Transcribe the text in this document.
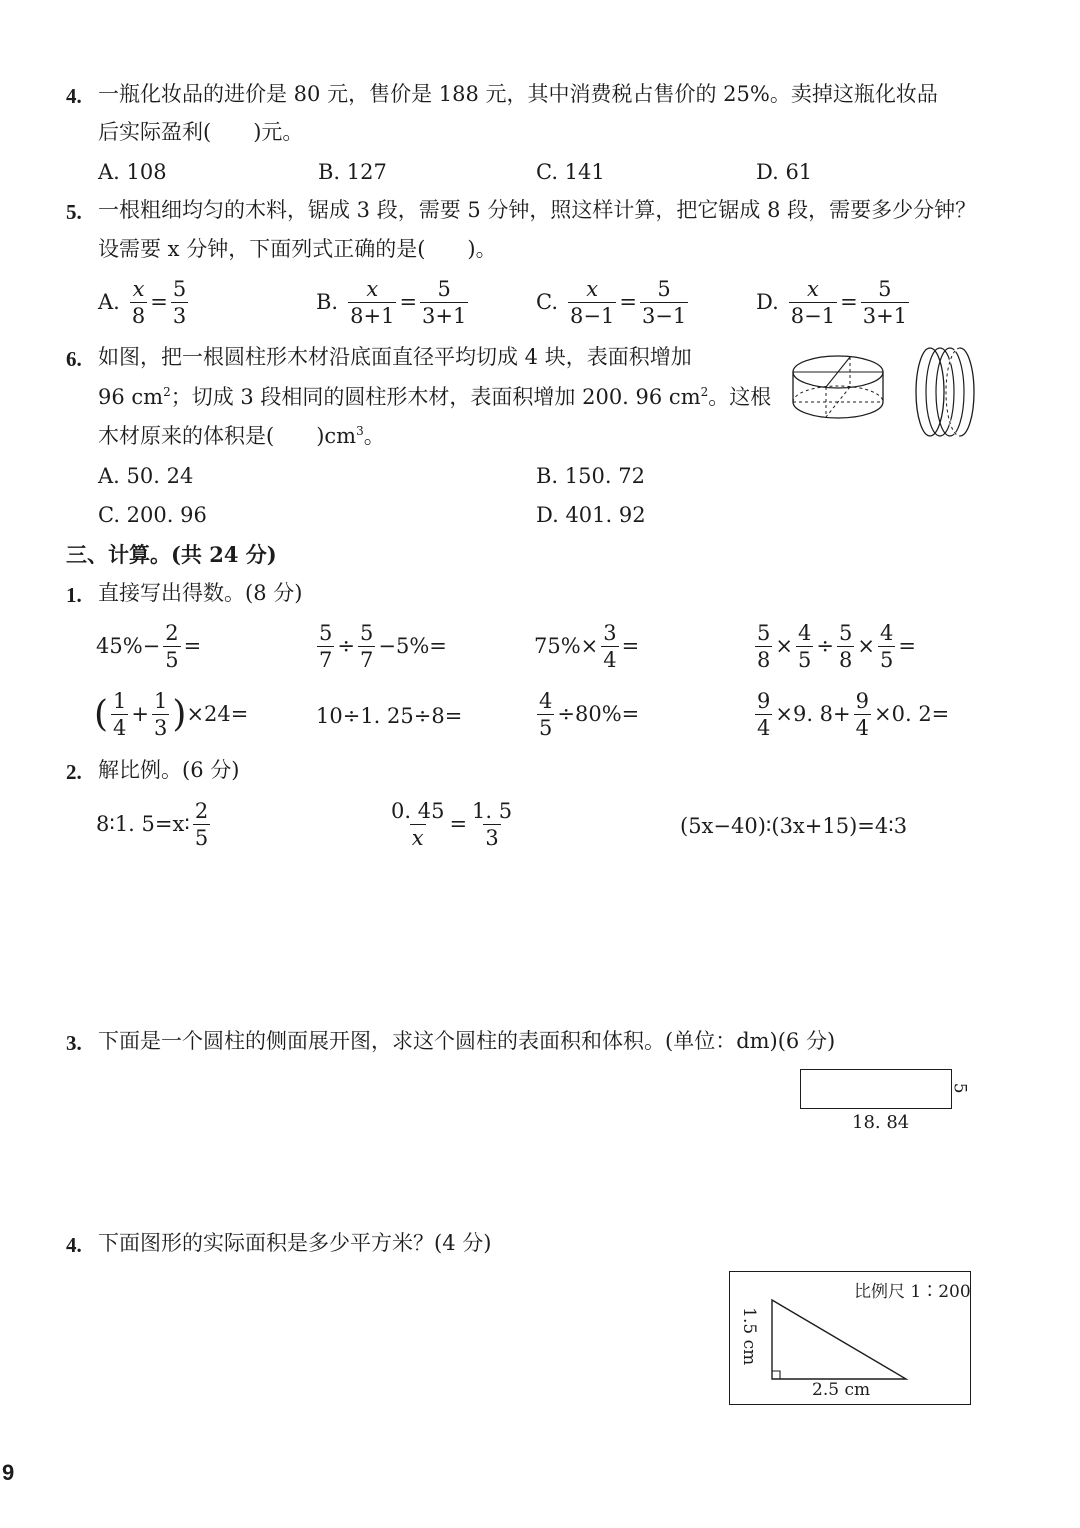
4. 一瓶化妆品的进价是 80 元，售价是 188 元，其中消费税占售价的 25%。卖掉这瓶化妆品
后实际盈利(　　)元。
A. 108	B. 127	C. 141	D. 61
5. 一根粗细均匀的木料，锯成 3 段，需要 5 分钟，照这样计算，把它锯成 8 段，需要多少分钟？
设需要 x 分钟，下面列式正确的是(　　)。
A. $\frac{x}{8} = \frac{5}{3}$	B. $\frac{x}{8+1} = \frac{5}{3+1}$	C. $\frac{x}{8-1} = \frac{5}{3-1}$	D. $\frac{x}{8-1} = \frac{5}{3+1}$
6. 如图，把一根圆柱形木材沿底面直径平均切成 4 块，表面积增加
96 $cm^2$；切成 3 段相同的圆柱形木材，表面积增加 200. 96 $cm^2$。这根
木材原来的体积是(　　)$cm^3$。
A. 50. 24	B. 150. 72
C. 200. 96	D. 401. 92
三、计算。(共 24 分)
1. 直接写出得数。(8 分)
$45\%- \frac{2}{5}$ =	$\frac{5}{7} \div \frac{5}{7} -5\%=$	$75\%\times \frac{3}{4}$ =	$\frac{5}{8} \times \frac{4}{5} \div \frac{5}{8} \times \frac{4}{5}$ =
( $\frac{1}{4} + \frac{1}{3}$ ) ×24=	10÷1. 25÷8=	$\frac{4}{5} \div 80\%=$	$\frac{9}{4} \times 9$. $8+ \frac{9}{4} \times 0$. 2=
2. 解比例。(6 分)
8∶1. 5=x∶ $\frac{2}{5}$	$\frac{0. 45}{x} = \frac{1. 5}{3}$	(5x−40)∶(3x+15)=4∶3
3. 下面是一个圆柱的侧面展开图，求这个圆柱的表面积和体积。(单位：dm)(6 分)
5
18. 84
4. 下面图形的实际面积是多少平方米？(4 分)
比例尺 1∶200
1.5 cm
2.5 cm
9
